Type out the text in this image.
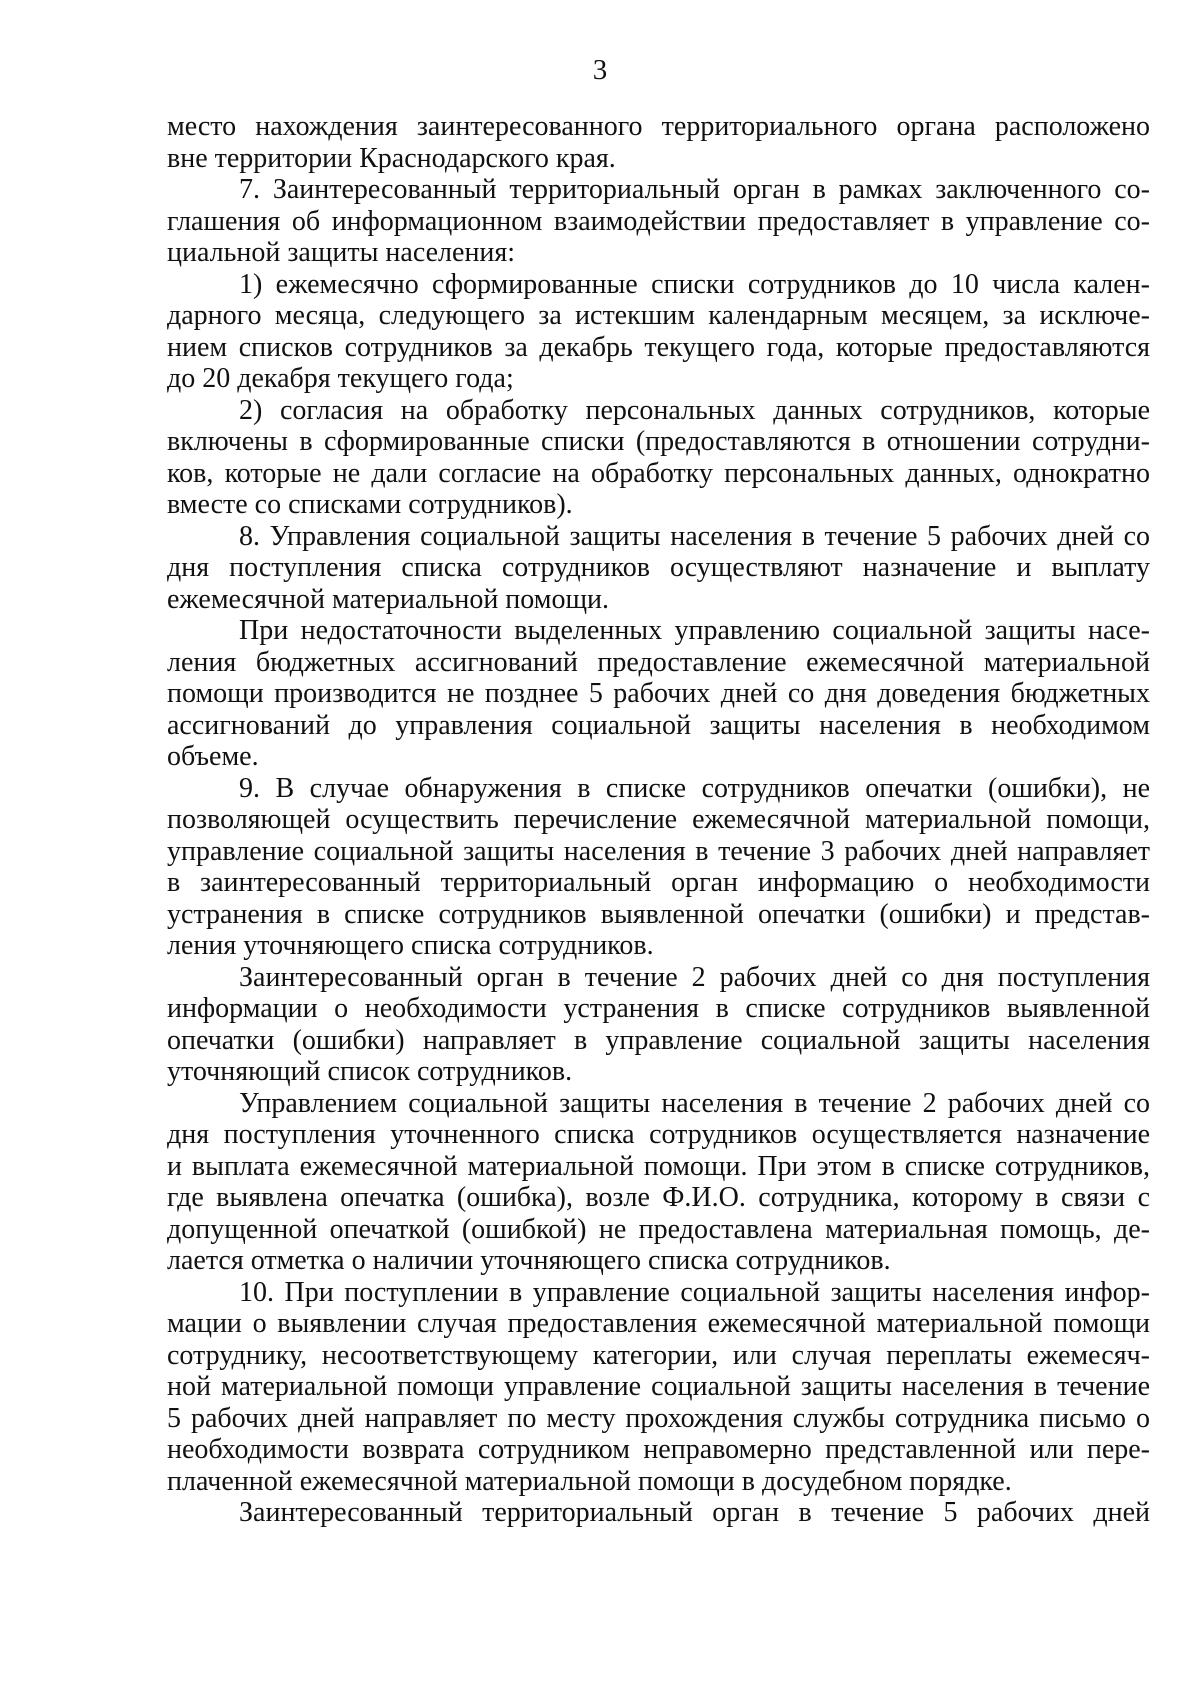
3
место нахождения заинтересованного территориального органа расположено
вне территории Краснодарского края.
7. Заинтересованный территориальный орган в рамках заключенного со-
глашения об информационном взаимодействии предоставляет в управление со-
циальной защиты населения:
1) ежемесячно сформированные списки сотрудников до 10 числа кален-
дарного месяца, следующего за истекшим календарным месяцем, за исключе-
нием списков сотрудников за декабрь текущего года, которые предоставляются
до 20 декабря текущего года;
2) согласия на обработку персональных данных сотрудников, которые
включены в сформированные списки (предоставляются в отношении сотрудни-
ков, которые не дали согласие на обработку персональных данных, однократно
вместе со списками сотрудников).
8. Управления социальной защиты населения в течение 5 рабочих дней со
дня поступления списка сотрудников осуществляют назначение и выплату
ежемесячной материальной помощи.
При недостаточности выделенных управлению социальной защиты насе-
ления бюджетных ассигнований предоставление ежемесячной материальной
помощи производится не позднее 5 рабочих дней со дня доведения бюджетных
ассигнований до управления социальной защиты населения в необходимом
объеме.
9. В случае обнаружения в списке сотрудников опечатки (ошибки), не
позволяющей осуществить перечисление ежемесячной материальной помощи,
управление социальной защиты населения в течение 3 рабочих дней направляет
в заинтересованный территориальный орган информацию о необходимости
устранения в списке сотрудников выявленной опечатки (ошибки) и представ-
ления уточняющего списка сотрудников.
Заинтересованный орган в течение 2 рабочих дней со дня поступления
информации о необходимости устранения в списке сотрудников выявленной
опечатки (ошибки) направляет в управление социальной защиты населения
уточняющий список сотрудников.
Управлением социальной защиты населения в течение 2 рабочих дней со
дня поступления уточненного списка сотрудников осуществляется назначение
и выплата ежемесячной материальной помощи. При этом в списке сотрудников,
где выявлена опечатка (ошибка), возле Ф.И.О. сотрудника, которому в связи с
допущенной опечаткой (ошибкой) не предоставлена материальная помощь, де-
лается отметка о наличии уточняющего списка сотрудников.
10. При поступлении в управление социальной защиты населения инфор-
мации о выявлении случая предоставления ежемесячной материальной помощи
сотруднику, несоответствующему категории, или случая переплаты ежемесяч-
ной материальной помощи управление социальной защиты населения в течение
5 рабочих дней направляет по месту прохождения службы сотрудника письмо о
необходимости возврата сотрудником неправомерно представленной или пере-
плаченной ежемесячной материальной помощи в досудебном порядке.
Заинтересованный территориальный орган в течение 5 рабочих дней
